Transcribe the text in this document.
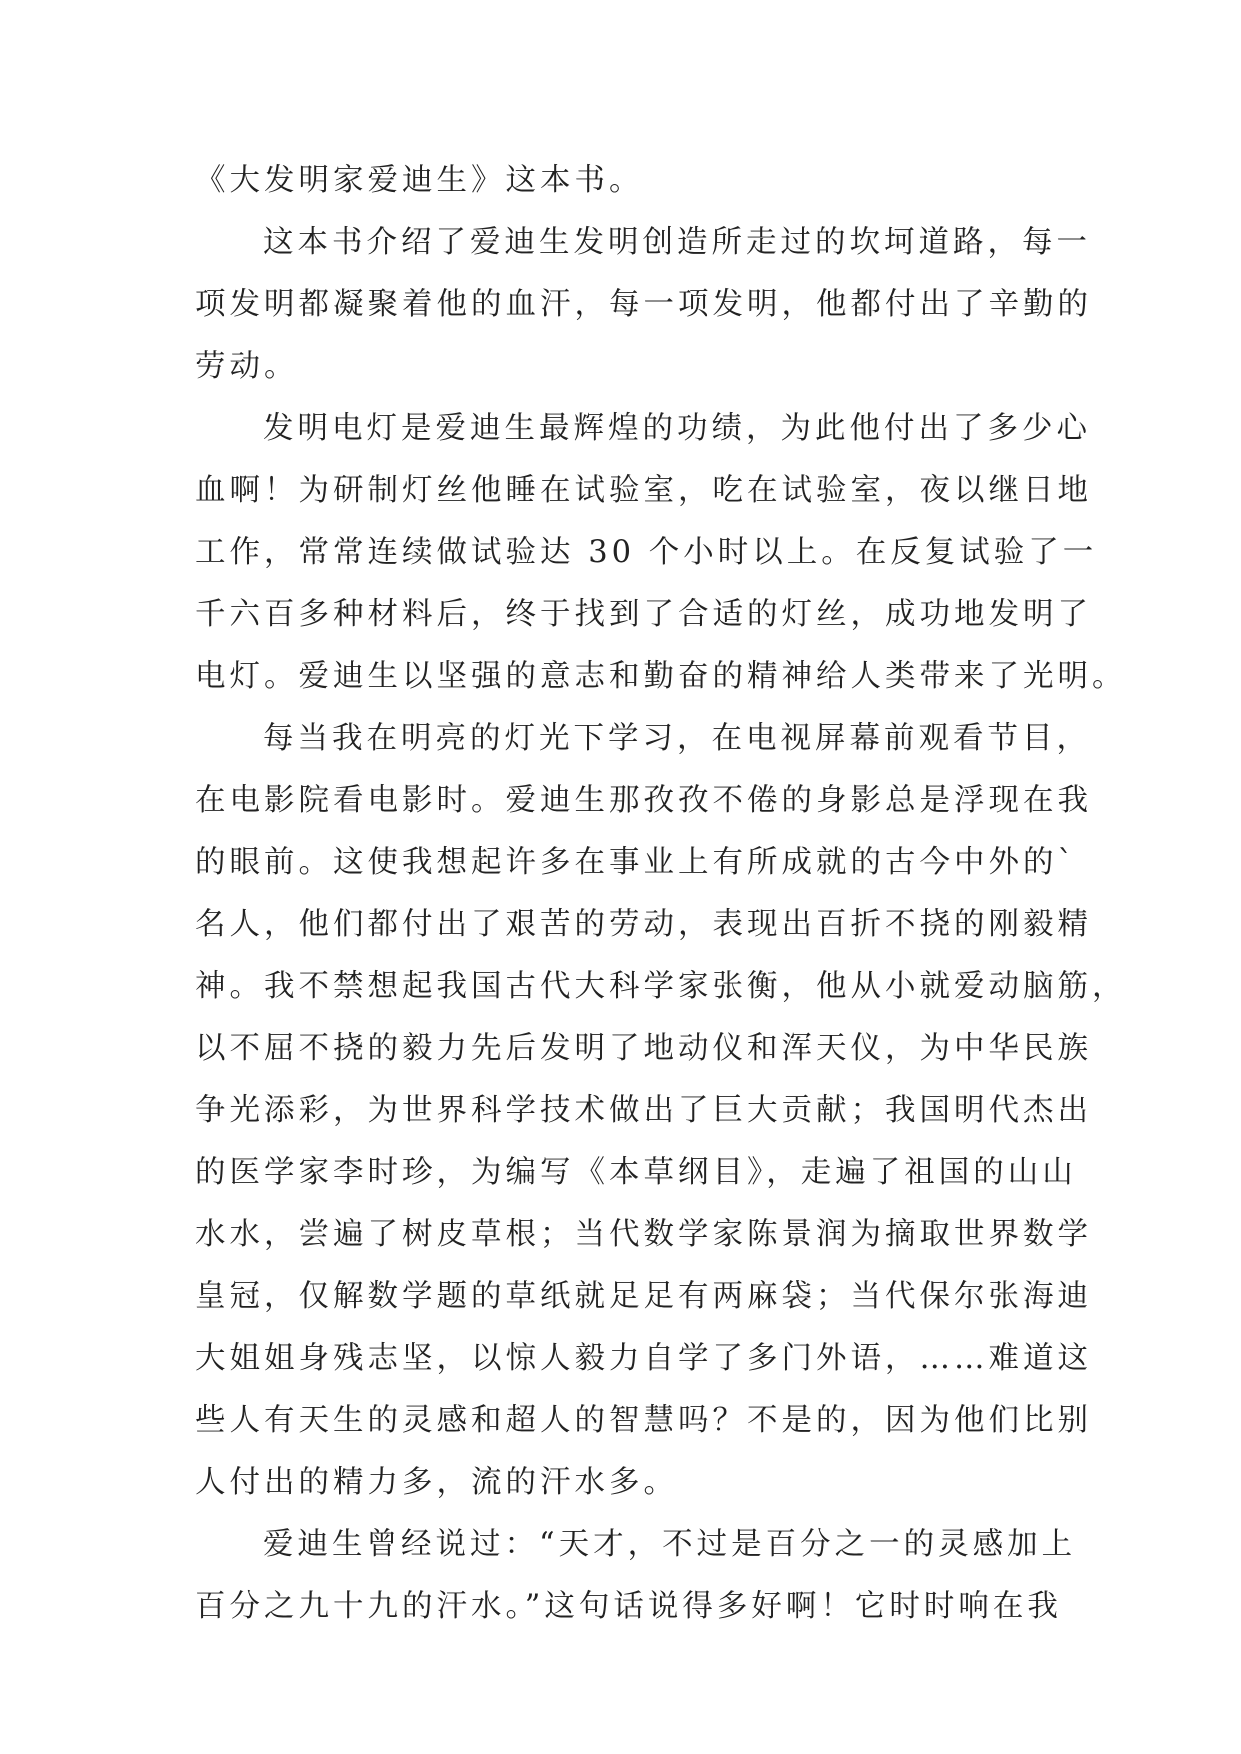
《大发明家爱迪生》这本书。
这本书介绍了爱迪生发明创造所走过的坎坷道路，每一
项发明都凝聚着他的血汗，每一项发明，他都付出了辛勤的
劳动。
发明电灯是爱迪生最辉煌的功绩，为此他付出了多少心
血啊！为研制灯丝他睡在试验室，吃在试验室，夜以继日地
工作，常常连续做试验达 30 个小时以上。在反复试验了一
千六百多种材料后，终于找到了合适的灯丝，成功地发明了
电灯。爱迪生以坚强的意志和勤奋的精神给人类带来了光明。
每当我在明亮的灯光下学习，在电视屏幕前观看节目，
在电影院看电影时。爱迪生那孜孜不倦的身影总是浮现在我
的眼前。这使我想起许多在事业上有所成就的古今中外的`
名人，他们都付出了艰苦的劳动，表现出百折不挠的刚毅精
神。我不禁想起我国古代大科学家张衡，他从小就爱动脑筋，
以不屈不挠的毅力先后发明了地动仪和浑天仪，为中华民族
争光添彩，为世界科学技术做出了巨大贡献；我国明代杰出
的医学家李时珍，为编写《本草纲目》，走遍了祖国的山山
水水，尝遍了树皮草根；当代数学家陈景润为摘取世界数学
皇冠，仅解数学题的草纸就足足有两麻袋；当代保尔张海迪
大姐姐身残志坚，以惊人毅力自学了多门外语，……难道这
些人有天生的灵感和超人的智慧吗？不是的，因为他们比别
人付出的精力多，流的汗水多。
爱迪生曾经说过：“天才，不过是百分之一的灵感加上
百分之九十九的汗水。”这句话说得多好啊！它时时响在我
